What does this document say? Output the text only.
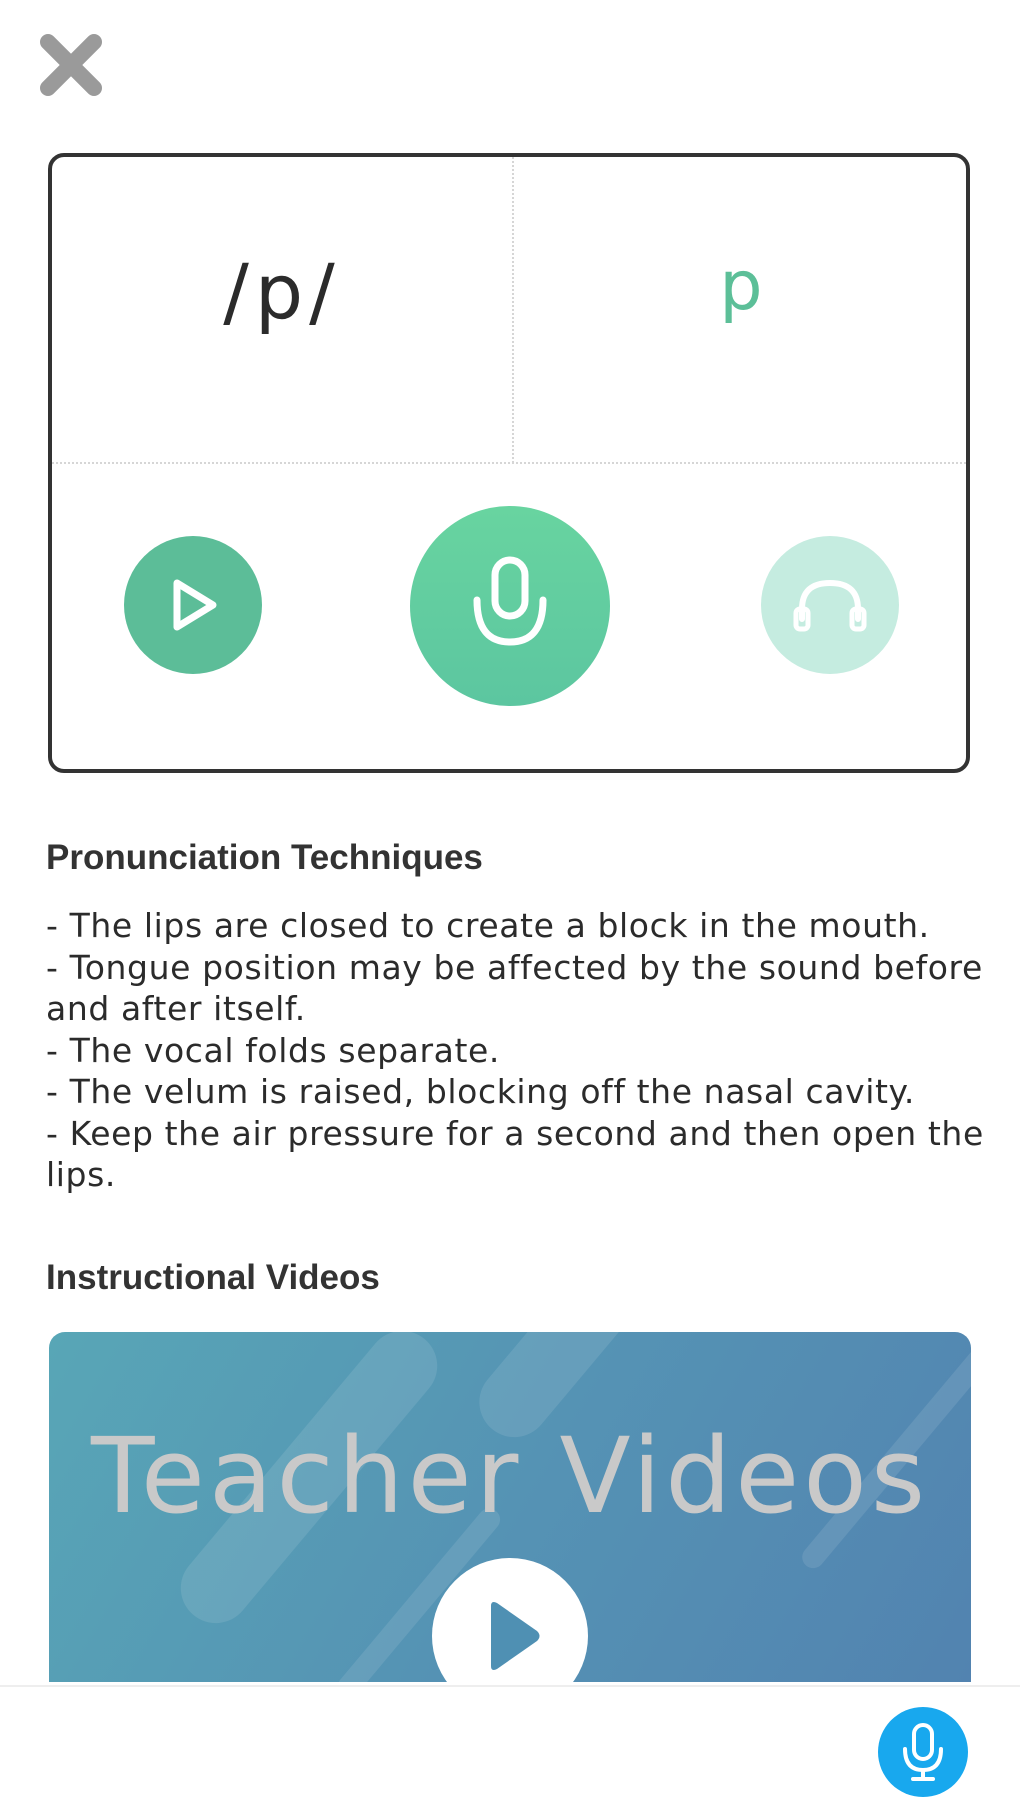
/p/	p
Pronunciation Techniques
- The lips are closed to create a block in the mouth.
- Tongue position may be affected by the sound before and after itself.
- The vocal folds separate.
- The velum is raised, blocking off the nasal cavity.
- Keep the air pressure for a second and then open the lips.
Instructional Videos
Teacher Videos
